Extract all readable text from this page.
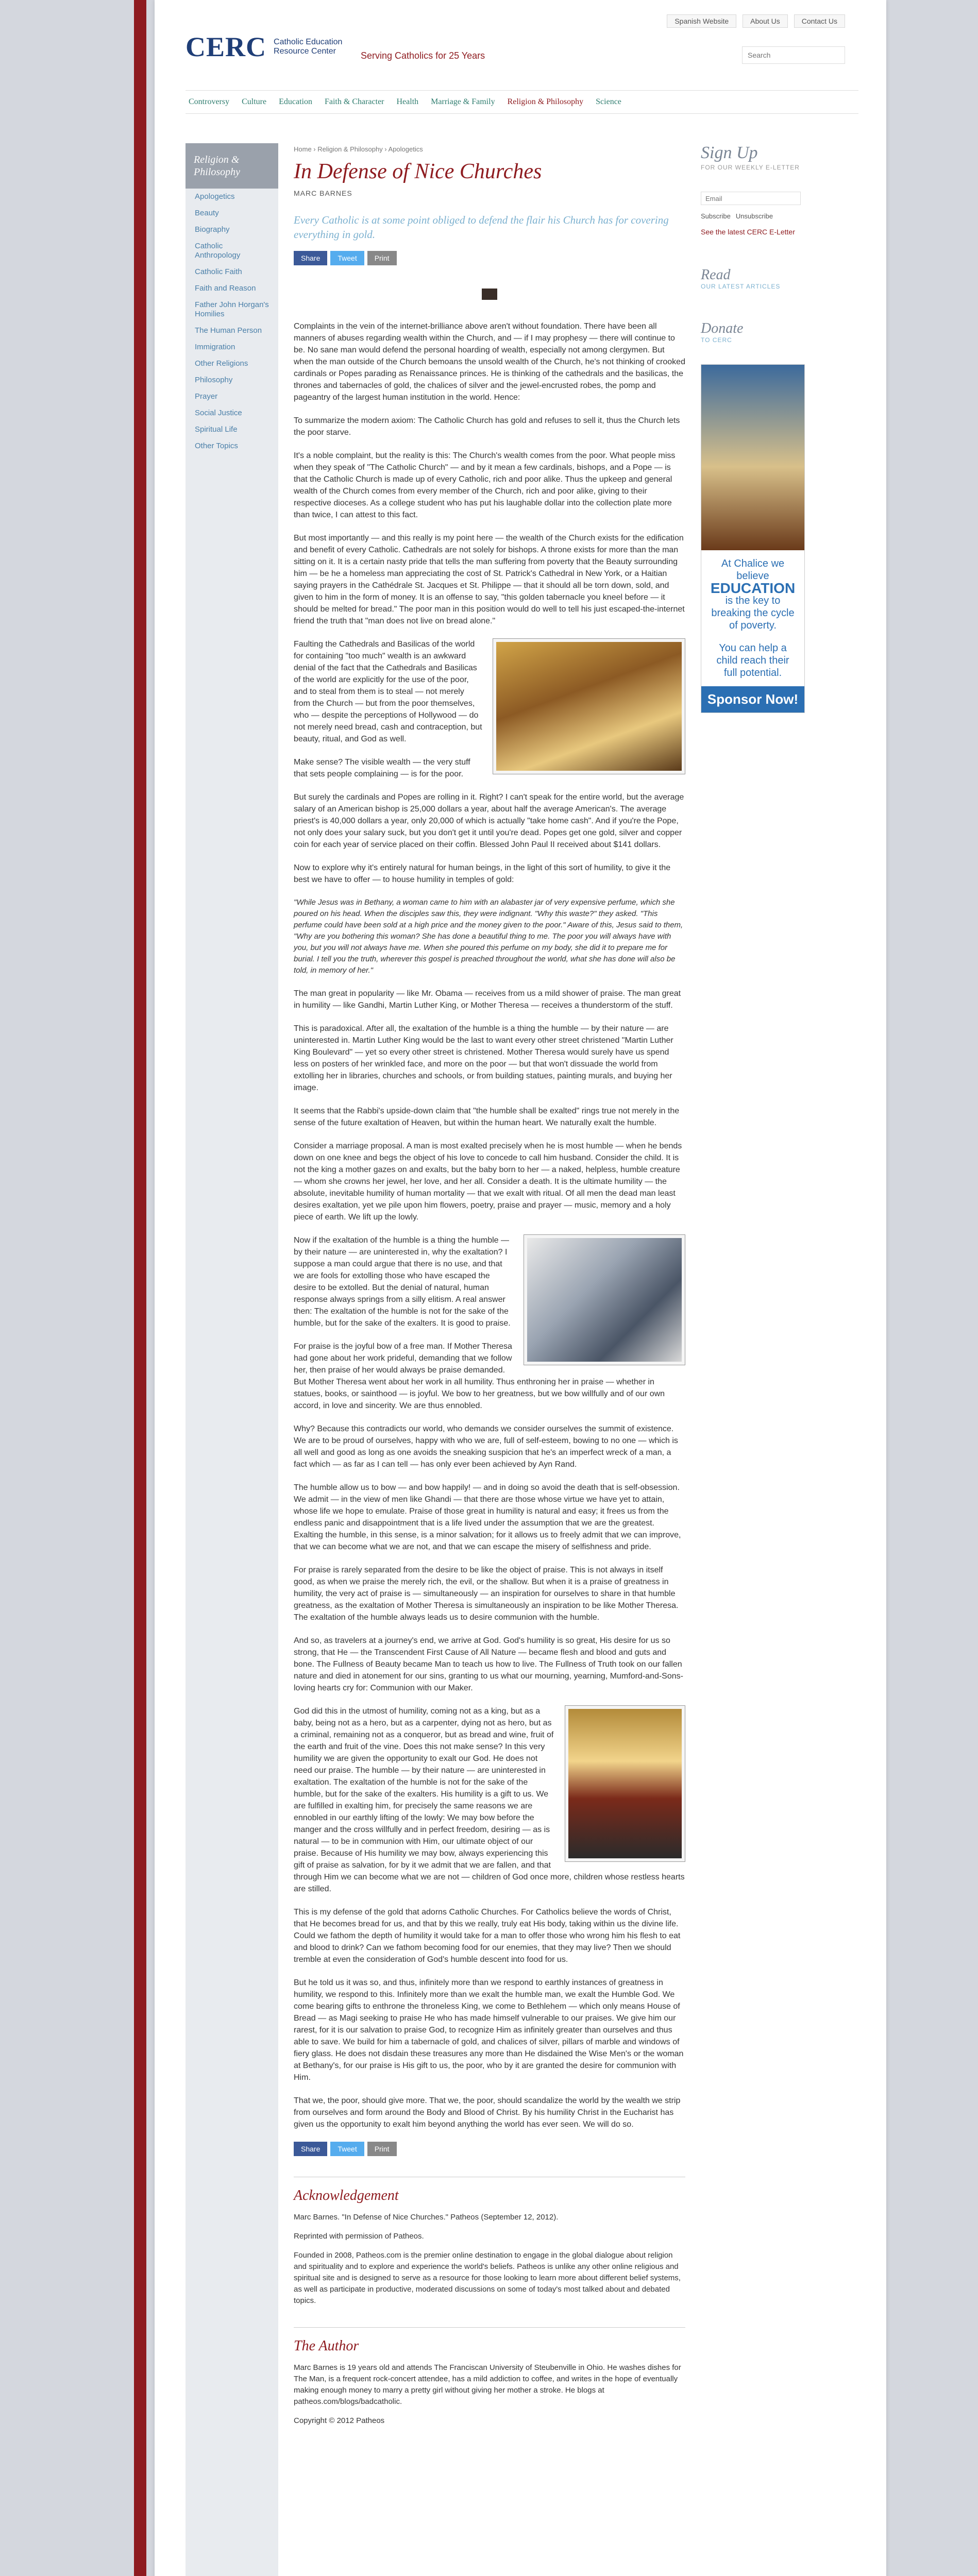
Spanish Website	About Us	Contact Us
CERC Catholic Education Resource Center	Serving Catholics for 25 Years
Search
Controversy Culture Education Faith & Character Health Marriage & Family Religion & Philosophy Science
Religion & Philosophy
Apologetics
Beauty
Biography
Catholic Anthropology
Catholic Faith
Faith and Reason
Father John Horgan's Homilies
The Human Person
Immigration
Other Religions
Philosophy
Prayer
Social Justice
Spiritual Life
Other Topics
Home › Religion & Philosophy › Apologetics
In Defense of Nice Churches
MARC BARNES
Every Catholic is at some point obliged to defend the flair his Church has for covering everything in gold.
Share	Tweet	Print

Complaints in the vein of the internet-brilliance above aren't without foundation. There have been all manners of abuses regarding wealth within the Church, and — if I may prophesy — there will continue to be. No sane man would defend the personal hoarding of wealth, especially not among clergymen. But when the man outside of the Church bemoans the unsold wealth of the Church, he's not thinking of crooked cardinals or Popes parading as Renaissance princes. He is thinking of the cathedrals and the basilicas, the thrones and tabernacles of gold, the chalices of silver and the jewel-encrusted robes, the pomp and pageantry of the largest human institution in the world. Hence:

To summarize the modern axiom: The Catholic Church has gold and refuses to sell it, thus the Church lets the poor starve.

It's a noble complaint, but the reality is this: The Church's wealth comes from the poor. What people miss when they speak of "The Catholic Church" — and by it mean a few cardinals, bishops, and a Pope — is that the Catholic Church is made up of every Catholic, rich and poor alike. Thus the upkeep and general wealth of the Church comes from every member of the Church, rich and poor alike, giving to their respective dioceses. As a college student who has put his laughable dollar into the collection plate more than twice, I can attest to this fact.

But most importantly — and this really is my point here — the wealth of the Church exists for the edification and benefit of every Catholic. Cathedrals are not solely for bishops. A throne exists for more than the man sitting on it. It is a certain nasty pride that tells the man suffering from poverty that the Beauty surrounding him — be he a homeless man appreciating the cost of St. Patrick's Cathedral in New York, or a Haitian saying prayers in the Cathédrale St. Jacques et St. Philippe — that it should all be torn down, sold, and given to him in the form of money. It is an offense to say, "this golden tabernacle you kneel before — it should be melted for bread." The poor man in this position would do well to tell his just escaped-the-internet friend the truth that "man does not live on bread alone."

Faulting the Cathedrals and Basilicas of the world for containing "too much" wealth is an awkward denial of the fact that the Cathedrals and Basilicas of the world are explicitly for the use of the poor, and to steal from them is to steal — not merely from the Church — but from the poor themselves, who — despite the perceptions of Hollywood — do not merely need bread, cash and contraception, but beauty, ritual, and God as well.

Make sense? The visible wealth — the very stuff that sets people complaining — is for the poor.

But surely the cardinals and Popes are rolling in it. Right? I can't speak for the entire world, but the average salary of an American bishop is 25,000 dollars a year, about half the average American's. The average priest's is 40,000 dollars a year, only 20,000 of which is actually "take home cash". And if you're the Pope, not only does your salary suck, but you don't get it until you're dead. Popes get one gold, silver and copper coin for each year of service placed on their coffin. Blessed John Paul II received about $141 dollars.

Now to explore why it's entirely natural for human beings, in the light of this sort of humility, to give it the best we have to offer — to house humility in temples of gold:

"While Jesus was in Bethany, a woman came to him with an alabaster jar of very expensive perfume, which she poured on his head. When the disciples saw this, they were indignant. "Why this waste?" they asked. "This perfume could have been sold at a high price and the money given to the poor." Aware of this, Jesus said to them, "Why are you bothering this woman? She has done a beautiful thing to me. The poor you will always have with you, but you will not always have me. When she poured this perfume on my body, she did it to prepare me for burial. I tell you the truth, wherever this gospel is preached throughout the world, what she has done will also be told, in memory of her."

The man great in popularity — like Mr. Obama — receives from us a mild shower of praise. The man great in humility — like Gandhi, Martin Luther King, or Mother Theresa — receives a thunderstorm of the stuff.

This is paradoxical. After all, the exaltation of the humble is a thing the humble — by their nature — are uninterested in. Martin Luther King would be the last to want every other street christened "Martin Luther King Boulevard" — yet so every other street is christened. Mother Theresa would surely have us spend less on posters of her wrinkled face, and more on the poor — but that won't dissuade the world from extolling her in libraries, churches and schools, or from building statues, painting murals, and buying her image.

It seems that the Rabbi's upside-down claim that "the humble shall be exalted" rings true not merely in the sense of the future exaltation of Heaven, but within the human heart. We naturally exalt the humble.

Consider a marriage proposal. A man is most exalted precisely when he is most humble — when he bends down on one knee and begs the object of his love to concede to call him husband. Consider the child. It is not the king a mother gazes on and exalts, but the baby born to her — a naked, helpless, humble creature — whom she crowns her jewel, her love, and her all. Consider a death. It is the ultimate humility — the absolute, inevitable humility of human mortality — that we exalt with ritual. Of all men the dead man least desires exaltation, yet we pile upon him flowers, poetry, praise and prayer — music, memory and a holy piece of earth. We lift up the lowly.

Now if the exaltation of the humble is a thing the humble — by their nature — are uninterested in, why the exaltation? I suppose a man could argue that there is no use, and that we are fools for extolling those who have escaped the desire to be extolled. But the denial of natural, human response always springs from a silly elitism. A real answer then: The exaltation of the humble is not for the sake of the humble, but for the sake of the exalters. It is good to praise.

For praise is the joyful bow of a free man. If Mother Theresa had gone about her work prideful, demanding that we follow her, then praise of her would always be praise demanded. But Mother Theresa went about her work in all humility. Thus enthroning her in praise — whether in statues, books, or sainthood — is joyful. We bow to her greatness, but we bow willfully and of our own accord, in love and sincerity. We are thus ennobled.

Why? Because this contradicts our world, who demands we consider ourselves the summit of existence. We are to be proud of ourselves, happy with who we are, full of self-esteem, bowing to no one — which is all well and good as long as one avoids the sneaking suspicion that he's an imperfect wreck of a man, a fact which — as far as I can tell — has only ever been achieved by Ayn Rand.

The humble allow us to bow — and bow happily! — and in doing so avoid the death that is self-obsession. We admit — in the view of men like Ghandi — that there are those whose virtue we have yet to attain, whose life we hope to emulate. Praise of those great in humility is natural and easy; it frees us from the endless panic and disappointment that is a life lived under the assumption that we are the greatest. Exalting the humble, in this sense, is a minor salvation; for it allows us to freely admit that we can improve, that we can become what we are not, and that we can escape the misery of selfishness and pride.

For praise is rarely separated from the desire to be like the object of praise. This is not always in itself good, as when we praise the merely rich, the evil, or the shallow. But when it is a praise of greatness in humility, the very act of praise is — simultaneously — an inspiration for ourselves to share in that humble greatness, as the exaltation of Mother Theresa is simultaneously an inspiration to be like Mother Theresa. The exaltation of the humble always leads us to desire communion with the humble.

And so, as travelers at a journey's end, we arrive at God. God's humility is so great, His desire for us so strong, that He — the Transcendent First Cause of All Nature — became flesh and blood and guts and bone. The Fullness of Beauty became Man to teach us how to live. The Fullness of Truth took on our fallen nature and died in atonement for our sins, granting to us what our mourning, yearning, Mumford-and-Sons-loving hearts cry for: Communion with our Maker.

God did this in the utmost of humility, coming not as a king, but as a baby, being not as a hero, but as a carpenter, dying not as hero, but as a criminal, remaining not as a conqueror, but as bread and wine, fruit of the earth and fruit of the vine. Does this not make sense? In this very humility we are given the opportunity to exalt our God. He does not need our praise. The humble — by their nature — are uninterested in exaltation. The exaltation of the humble is not for the sake of the humble, but for the sake of the exalters. His humility is a gift to us. We are fulfilled in exalting him, for precisely the same reasons we are ennobled in our earthly lifting of the lowly: We may bow before the manger and the cross willfully and in perfect freedom, desiring — as is natural — to be in communion with Him, our ultimate object of our praise. Because of His humility we may bow, always experiencing this gift of praise as salvation, for by it we admit that we are fallen, and that through Him we can become what we are not — children of God once more, children whose restless hearts are stilled.

This is my defense of the gold that adorns Catholic Churches. For Catholics believe the words of Christ, that He becomes bread for us, and that by this we really, truly eat His body, taking within us the divine life. Could we fathom the depth of humility it would take for a man to offer those who wrong him his flesh to eat and blood to drink? Can we fathom becoming food for our enemies, that they may live? Then we should tremble at even the consideration of God's humble descent into food for us.

But he told us it was so, and thus, infinitely more than we respond to earthly instances of greatness in humility, we respond to this. Infinitely more than we exalt the humble man, we exalt the Humble God. We come bearing gifts to enthrone the throneless King, we come to Bethlehem — which only means House of Bread — as Magi seeking to praise He who has made himself vulnerable to our praises. We give him our rarest, for it is our salvation to praise God, to recognize Him as infinitely greater than ourselves and thus able to save. We build for him a tabernacle of gold, and chalices of silver, pillars of marble and windows of fiery glass. He does not disdain these treasures any more than He disdained the Wise Men's or the woman at Bethany's, for our praise is His gift to us, the poor, who by it are granted the desire for communion with Him.

That we, the poor, should give more. That we, the poor, should scandalize the world by the wealth we strip from ourselves and form around the Body and Blood of Christ. By his humility Christ in the Eucharist has given us the opportunity to exalt him beyond anything the world has ever seen. We will do so.

Share	Tweet	Print
Acknowledgement

Marc Barnes. "In Defense of Nice Churches." Patheos (September 12, 2012).

Reprinted with permission of Patheos.

Founded in 2008, Patheos.com is the premier online destination to engage in the global dialogue about religion and spirituality and to explore and experience the world's beliefs. Patheos is unlike any other online religious and spiritual site and is designed to serve as a resource for those looking to learn more about different belief systems, as well as participate in productive, moderated discussions on some of today's most talked about and debated topics.

The Author

Marc Barnes is 19 years old and attends The Franciscan University of Steubenville in Ohio. He washes dishes for The Man, is a frequent rock-concert attendee, has a mild addiction to coffee, and writes in the hope of eventually making enough money to marry a pretty girl without giving her mother a stroke. He blogs at patheos.com/blogs/badcatholic.

Copyright © 2012 Patheos

Sign Up
FOR OUR WEEKLY E-LETTER
Email
Subscribe Unsubscribe
See the latest CERC E-Letter
Read
OUR LATEST ARTICLES
Donate
TO CERC
At Chalice we believe
EDUCATION
is the key to breaking the cycle of poverty.
You can help a child reach their full potential.
Sponsor Now!
